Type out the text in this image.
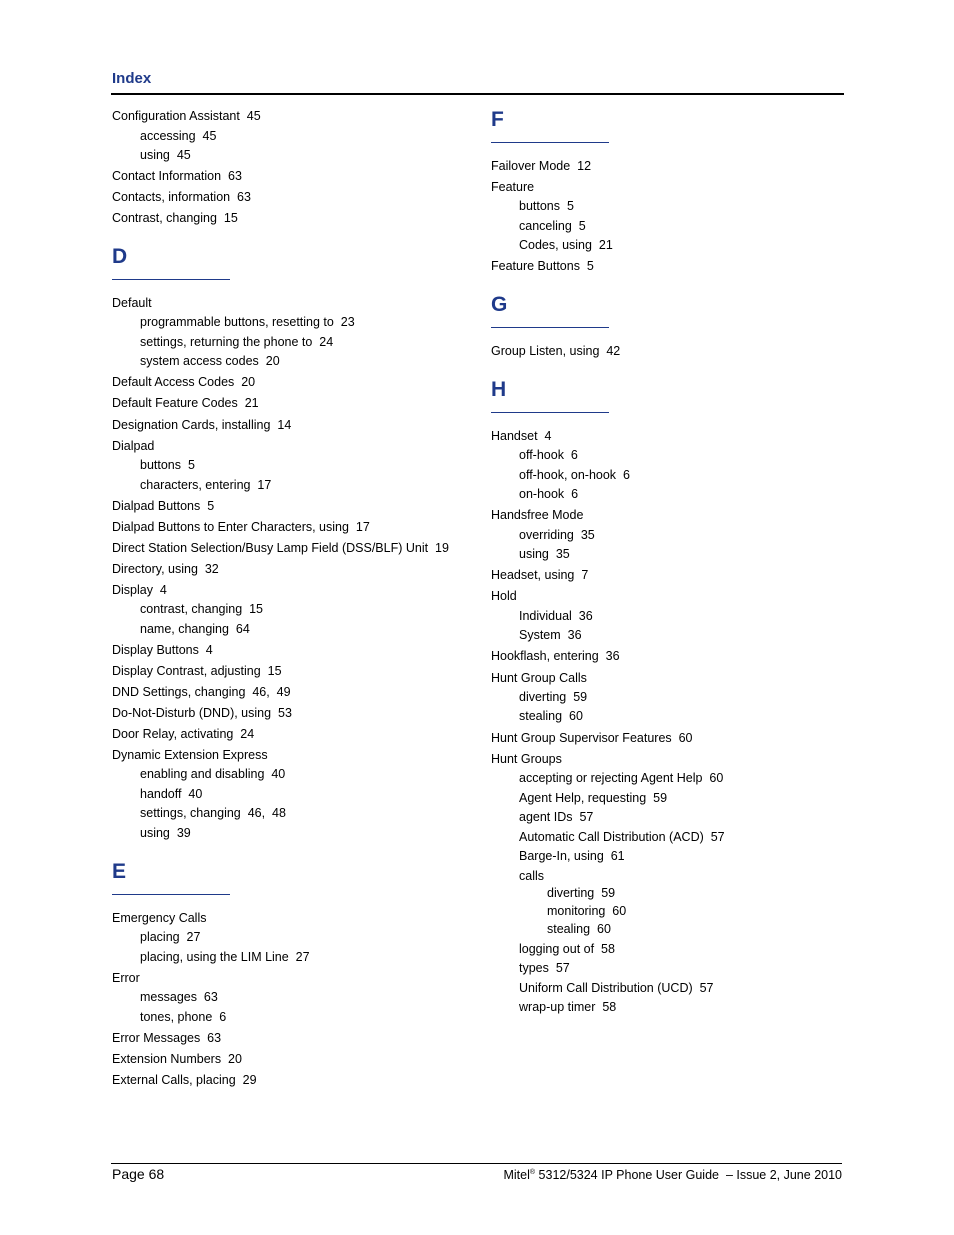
Index
Configuration Assistant  45
accessing  45
using  45
Contact Information  63
Contacts, information  63
Contrast, changing  15
D
Default
programmable buttons, resetting to  23
settings, returning the phone to  24
system access codes  20
Default Access Codes  20
Default Feature Codes  21
Designation Cards, installing  14
Dialpad
buttons  5
characters, entering  17
Dialpad Buttons  5
Dialpad Buttons to Enter Characters, using  17
Direct Station Selection/Busy Lamp Field (DSS/BLF) Unit  19
Directory, using  32
Display  4
contrast, changing  15
name, changing  64
Display Buttons  4
Display Contrast, adjusting  15
DND Settings, changing  46,  49
Do-Not-Disturb (DND), using  53
Door Relay, activating  24
Dynamic Extension Express
enabling and disabling  40
handoff  40
settings, changing  46,  48
using  39
E
Emergency Calls
placing  27
placing, using the LIM Line  27
Error
messages  63
tones, phone  6
Error Messages  63
Extension Numbers  20
External Calls, placing  29
F
Failover Mode  12
Feature
buttons  5
canceling  5
Codes, using  21
Feature Buttons  5
G
Group Listen, using  42
H
Handset  4
off-hook  6
off-hook, on-hook  6
on-hook  6
Handsfree Mode
overriding  35
using  35
Headset, using  7
Hold
Individual  36
System  36
Hookflash, entering  36
Hunt Group Calls
diverting  59
stealing  60
Hunt Group Supervisor Features  60
Hunt Groups
accepting or rejecting Agent Help  60
Agent Help, requesting  59
agent IDs  57
Automatic Call Distribution (ACD)  57
Barge-In, using  61
calls
diverting  59
monitoring  60
stealing  60
logging out of  58
types  57
Uniform Call Distribution (UCD)  57
wrap-up timer  58
Page 68	Mitel® 5312/5324 IP Phone User Guide  – Issue 2, June 2010
